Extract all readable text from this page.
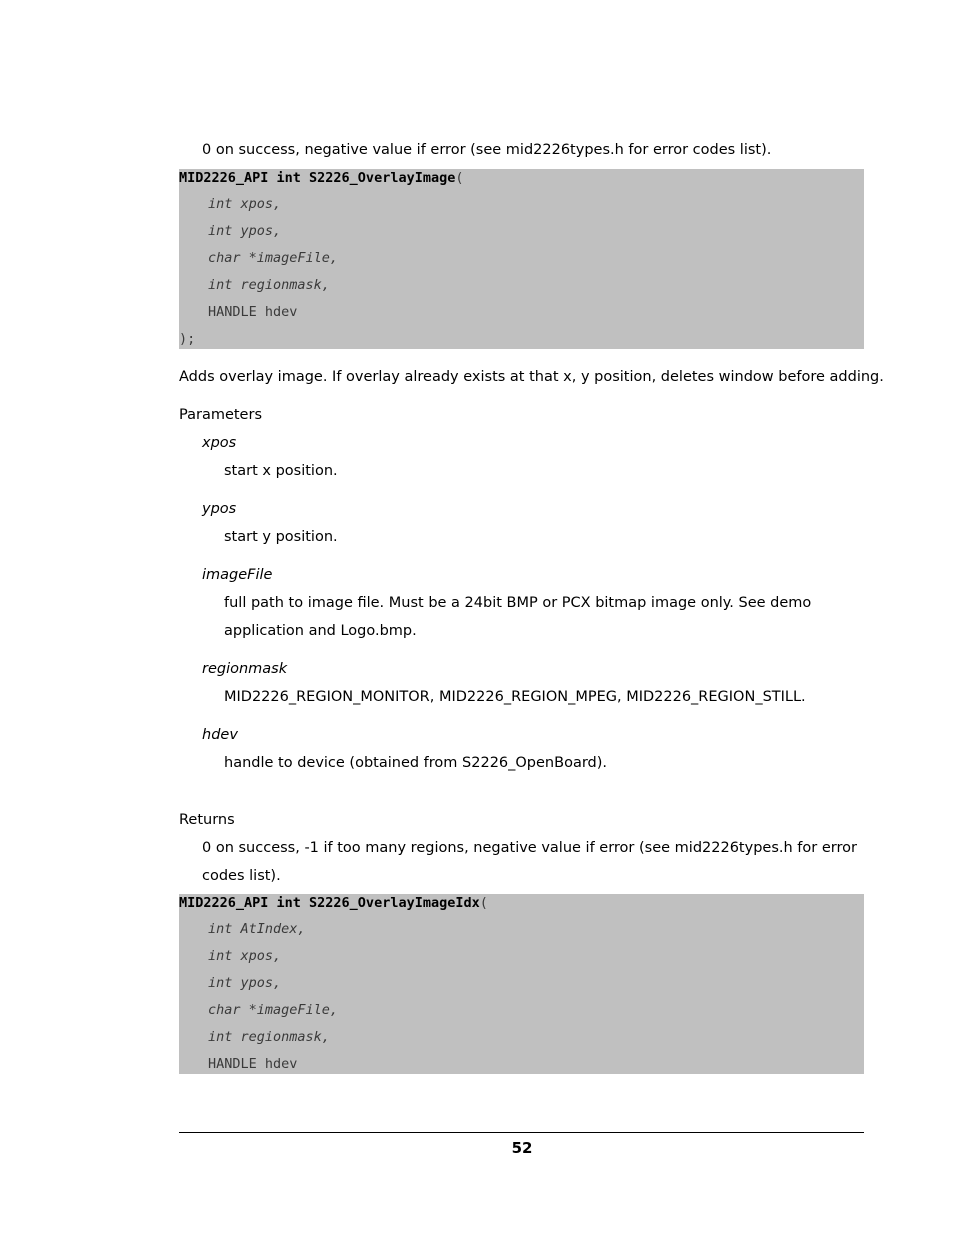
0 on success, negative value if error (see mid2226types.h for error codes list).
MID2226_API int S2226_OverlayImage(
int xpos,
int ypos,
char *imageFile,
int regionmask,
HANDLE hdev
);
Adds overlay image. If overlay already exists at that x, y position, deletes window before adding.
Parameters
xpos
start x position.
ypos
start y position.
imageFile
full path to image file. Must be a 24bit BMP or PCX bitmap image only. See demo
application and Logo.bmp.
regionmask
MID2226_REGION_MONITOR, MID2226_REGION_MPEG, MID2226_REGION_STILL.
hdev
handle to device (obtained from S2226_OpenBoard).
Returns
0 on success, -1 if too many regions, negative value if error (see mid2226types.h for error
codes list).
MID2226_API int S2226_OverlayImageIdx(
int AtIndex,
int xpos,
int ypos,
char *imageFile,
int regionmask,
HANDLE hdev
52
